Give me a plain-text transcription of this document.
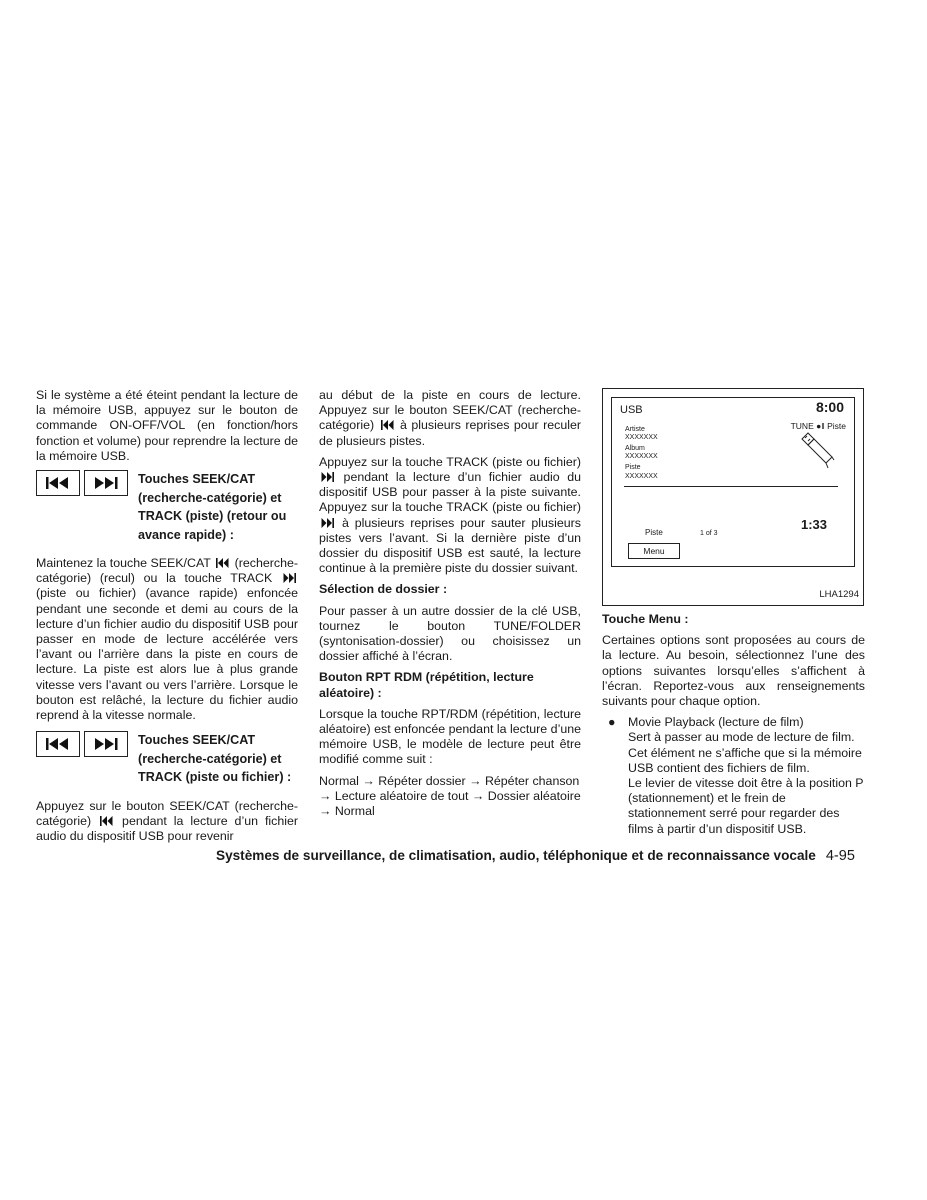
Si le système a été éteint pendant la lecture de la mémoire USB, appuyez sur le bouton de commande ON-OFF/VOL (en fonction/hors fonction et volume) pour reprendre la lecture de la mémoire USB.

Touches SEEK/CAT (recherche-catégorie) et TRACK (piste) (retour ou avance rapide) :

Maintenez la touche SEEK/CAT (recherche-catégorie) (recul) ou la touche TRACK
(piste ou fichier) (avance rapide) enfoncée pendant une seconde et demi au cours de la lecture d’un fichier audio du dispositif USB pour passer en mode de lecture accélérée vers l’avant ou l’arrière dans la piste en cours de lecture. La piste est alors lue à plus grande vitesse vers l’avant ou vers l’arrière. Lorsque le bouton est relâché, la lecture du fichier audio reprend à la vitesse normale.

Touches SEEK/CAT (recherche-catégorie) et TRACK (piste ou fichier) :

Appuyez sur le bouton SEEK/CAT (recherche-catégorie) pendant la lecture d’un fichier audio du dispositif USB pour revenir

au début de la piste en cours de lecture. Appuyez sur le bouton SEEK/CAT (recherche-catégorie) à plusieurs reprises pour reculer de plusieurs pistes.

Appuyez sur la touche TRACK (piste ou fichier)
pendant la lecture d’un fichier audio du dispositif USB pour passer à la piste suivante. Appuyez sur la touche TRACK (piste ou fichier)
à plusieurs reprises pour sauter plusieurs pistes vers l’avant. Si la dernière piste d’un dossier du dispositif USB est sauté, la lecture continue à la première piste du dossier suivant.

Sélection de dossier :

Pour passer à un autre dossier de la clé USB, tournez le bouton TUNE/FOLDER (syntonisation-dossier) ou choisissez un dossier affiché à l’écran.

Bouton RPT RDM (répétition, lecture aléatoire) :

Lorsque la touche RPT/RDM (répétition, lecture aléatoire) est enfoncée pendant la lecture d’une mémoire USB, le modèle de lecture peut être modifié comme suit :

Normal → Répéter dossier → Répéter chanson → Lecture aléatoire de tout → Dossier aléatoire → Normal

USB	8:00
TUNE ●‖ Piste
Artiste
XXXXXXX
Album
XXXXXXX
Piste
XXXXXXX
Piste	1 of 3
1:33
Menu
LHA1294
Touche Menu :

Certaines options sont proposées au cours de la lecture. Au besoin, sélectionnez l’une des options suivantes lorsqu’elles s’affichent à l’écran. Reportez-vous aux renseignements suivants pour chaque option.

● Movie Playback (lecture de film)
Sert à passer au mode de lecture de film. Cet élément ne s’affiche que si la mémoire USB contient des fichiers de film.
Le levier de vitesse doit être à la position P (stationnement) et le frein de stationnement serré pour regarder des films à partir d’un dispositif USB.
Systèmes de surveillance, de climatisation, audio, téléphonique et de reconnaissance vocale 4-95
